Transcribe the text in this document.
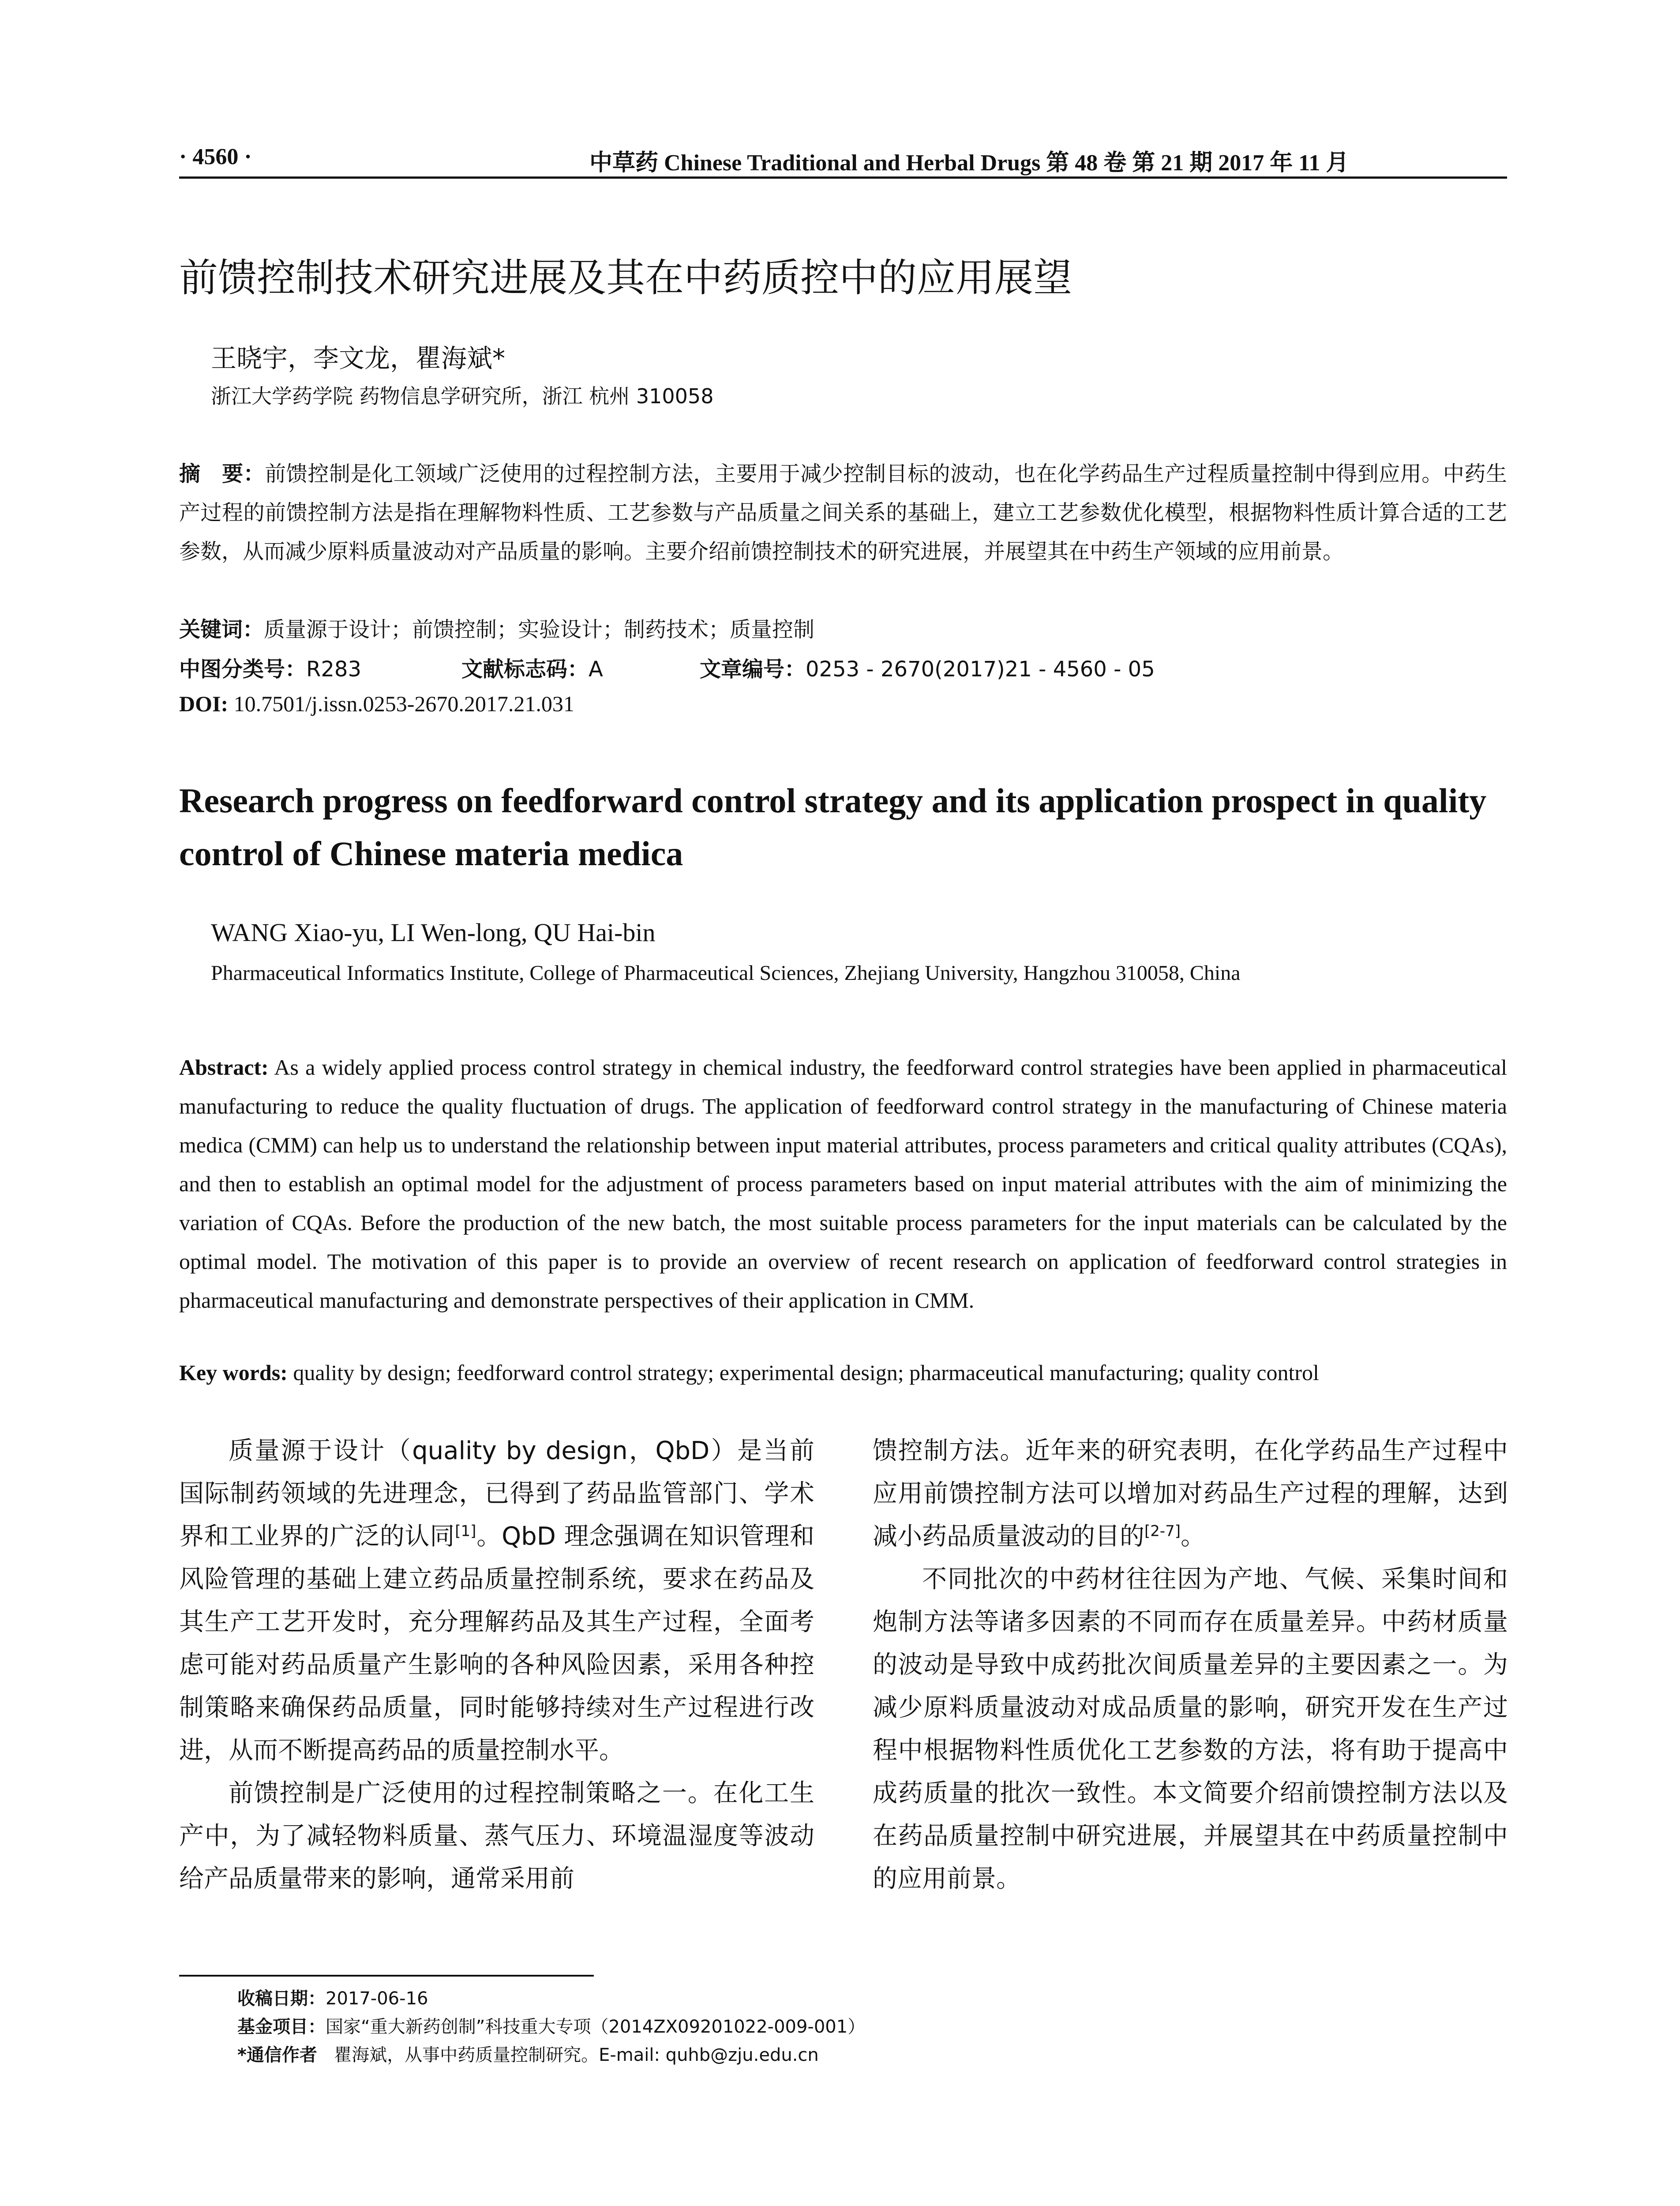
· 4560 ·	中草药 Chinese Traditional and Herbal Drugs 第 48 卷 第 21 期 2017 年 11 月
前馈控制技术研究进展及其在中药质控中的应用展望
王晓宇，李文龙，瞿海斌*
浙江大学药学院 药物信息学研究所，浙江 杭州 310058
摘　要：前馈控制是化工领域广泛使用的过程控制方法，主要用于减少控制目标的波动，也在化学药品生产过程质量控制中得到应用。中药生产过程的前馈控制方法是指在理解物料性质、工艺参数与产品质量之间关系的基础上，建立工艺参数优化模型，根据物料性质计算合适的工艺参数，从而减少原料质量波动对产品质量的影响。主要介绍前馈控制技术的研究进展，并展望其在中药生产领域的应用前景。
关键词：质量源于设计；前馈控制；实验设计；制药技术；质量控制
中图分类号：R283	文献标志码：A	文章编号：0253 - 2670(2017)21 - 4560 - 05
DOI: 10.7501/j.issn.0253-2670.2017.21.031
Research progress on feedforward control strategy and its application prospect in quality control of Chinese materia medica
WANG Xiao-yu, LI Wen-long, QU Hai-bin
Pharmaceutical Informatics Institute, College of Pharmaceutical Sciences, Zhejiang University, Hangzhou 310058, China
Abstract: As a widely applied process control strategy in chemical industry, the feedforward control strategies have been applied in pharmaceutical manufacturing to reduce the quality fluctuation of drugs. The application of feedforward control strategy in the manufacturing of Chinese materia medica (CMM) can help us to understand the relationship between input material attributes, process parameters and critical quality attributes (CQAs), and then to establish an optimal model for the adjustment of process parameters based on input material attributes with the aim of minimizing the variation of CQAs. Before the production of the new batch, the most suitable process parameters for the input materials can be calculated by the optimal model. The motivation of this paper is to provide an overview of recent research on application of feedforward control strategies in pharmaceutical manufacturing and demonstrate perspectives of their application in CMM.
Key words: quality by design; feedforward control strategy; experimental design; pharmaceutical manufacturing; quality control

质量源于设计（quality by design，QbD）是当前国际制药领域的先进理念，已得到了药品监管部门、学术界和工业界的广泛的认同[1]。QbD 理念强调在知识管理和风险管理的基础上建立药品质量控制系统，要求在药品及其生产工艺开发时，充分理解药品及其生产过程，全面考虑可能对药品质量产生影响的各种风险因素，采用各种控制策略来确保药品质量，同时能够持续对生产过程进行改进，从而不断提高药品的质量控制水平。

前馈控制是广泛使用的过程控制策略之一。在化工生产中，为了减轻物料质量、蒸气压力、环境温湿度等波动给产品质量带来的影响，通常采用前

馈控制方法。近年来的研究表明，在化学药品生产过程中应用前馈控制方法可以增加对药品生产过程的理解，达到减小药品质量波动的目的[2-7]。

不同批次的中药材往往因为产地、气候、采集时间和炮制方法等诸多因素的不同而存在质量差异。中药材质量的波动是导致中成药批次间质量差异的主要因素之一。为减少原料质量波动对成品质量的影响，研究开发在生产过程中根据物料性质优化工艺参数的方法，将有助于提高中成药质量的批次一致性。本文简要介绍前馈控制方法以及在药品质量控制中研究进展，并展望其在中药质量控制中的应用前景。

收稿日期：2017-06-16
基金项目：国家“重大新药创制”科技重大专项（2014ZX09201022-009-001）
*通信作者 瞿海斌，从事中药质量控制研究。E-mail: quhb@zju.edu.cn
